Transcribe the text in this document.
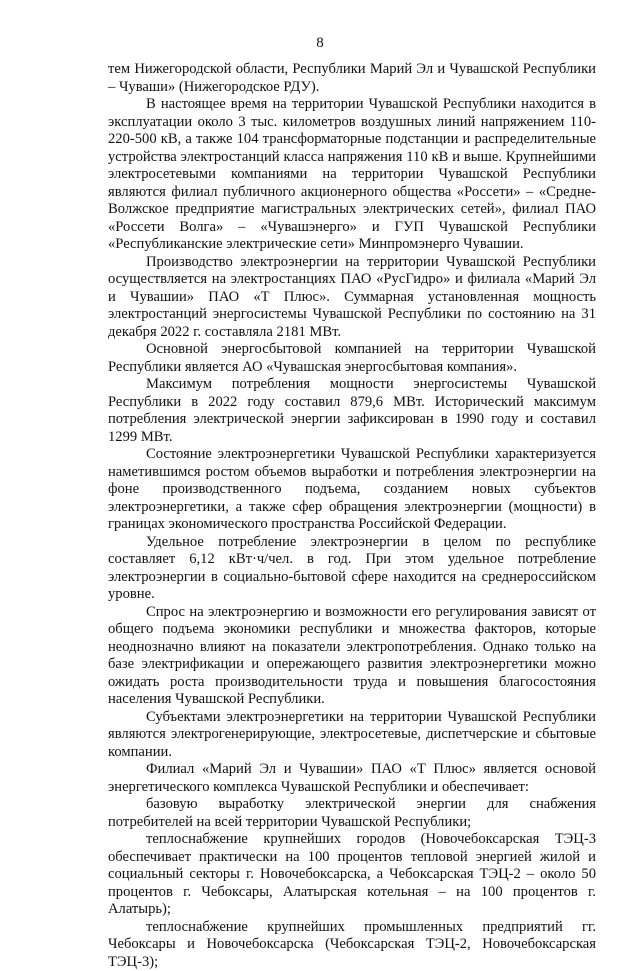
8

тем Нижегородской области, Республики Марий Эл и Чувашской Республики – Чуваши» (Нижегородское РДУ).

В настоящее время на территории Чувашской Республики находится в эксплуатации около 3 тыс. километров воздушных линий напряжением 110-220-500 кВ, а также 104 трансформаторные подстанции и распределительные устройства электростанций класса напряжения 110 кВ и выше. Крупнейшими электросетевыми компаниями на территории Чувашской Республики являются филиал публичного акционерного общества «Россети» – «Средне-Волжское предприятие магистральных электрических сетей», филиал ПАО «Россети Волга» – «Чувашэнерго» и ГУП Чувашской Республики «Республиканские электрические сети» Минпромэнерго Чувашии.

Производство электроэнергии на территории Чувашской Республики осуществляется на электростанциях ПАО «РусГидро» и филиала «Марий Эл и Чувашии» ПАО «Т Плюс». Суммарная установленная мощность электростанций энергосистемы Чувашской Республики по состоянию на 31 декабря 2022 г. составляла 2181 МВт.

Основной энергосбытовой компанией на территории Чувашской Республики является АО «Чувашская энергосбытовая компания».

Максимум потребления мощности энергосистемы Чувашской Республики в 2022 году составил 879,6 МВт. Исторический максимум потребления электрической энергии зафиксирован в 1990 году и составил 1299 МВт.

Состояние электроэнергетики Чувашской Республики характеризуется наметившимся ростом объемов выработки и потребления электроэнергии на фоне производственного подъема, созданием новых субъектов электроэнергетики, а также сфер обращения электроэнергии (мощности) в границах экономического пространства Российской Федерации.

Удельное потребление электроэнергии в целом по республике составляет 6,12 кВт·ч/чел. в год. При этом удельное потребление электроэнергии в социально-бытовой сфере находится на среднероссийском уровне.

Спрос на электроэнергию и возможности его регулирования зависят от общего подъема экономики республики и множества факторов, которые неоднозначно влияют на показатели электропотребления. Однако только на базе электрификации и опережающего развития электроэнергетики можно ожидать роста производительности труда и повышения благосостояния населения Чувашской Республики.

Субъектами электроэнергетики на территории Чувашской Республики являются электрогенерирующие, электросетевые, диспетчерские и сбытовые компании.

Филиал «Марий Эл и Чувашии» ПАО «Т Плюс» является основой энергетического комплекса Чувашской Республики и обеспечивает:

базовую выработку электрической энергии для снабжения потребителей на всей территории Чувашской Республики;

теплоснабжение крупнейших городов (Новочебоксарская ТЭЦ-3 обеспечивает практически на 100 процентов тепловой энергией жилой и социальный секторы г. Новочебоксарска, а Чебоксарская ТЭЦ-2 – около 50 процентов г. Чебоксары, Алатырская котельная – на 100 процентов г. Алатырь);

теплоснабжение крупнейших промышленных предприятий гг. Чебоксары и Новочебоксарска (Чебоксарская ТЭЦ-2, Новочебоксарская ТЭЦ-3);
